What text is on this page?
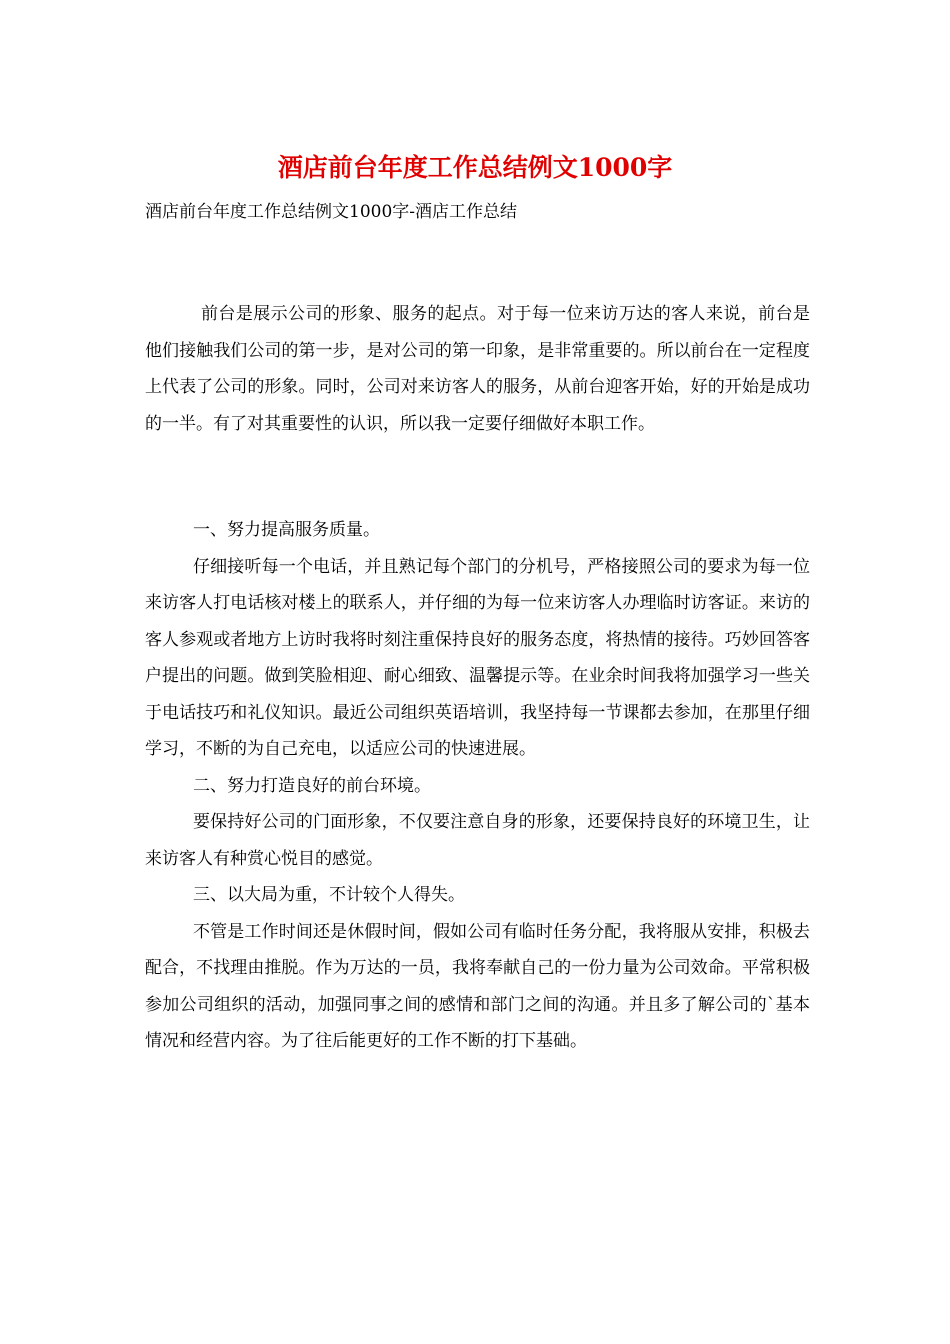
酒店前台年度工作总结例文1000字
酒店前台年度工作总结例文1000字-酒店工作总结

前台是展示公司的形象、服务的起点。对于每一位来访万达的客人来说，前台是他们接触我们公司的第一步，是对公司的第一印象，是非常重要的。所以前台在一定程度上代表了公司的形象。同时，公司对来访客人的服务，从前台迎客开始，好的开始是成功的一半。有了对其重要性的认识，所以我一定要仔细做好本职工作。

一、努力提高服务质量。

仔细接听每一个电话，并且熟记每个部门的分机号，严格接照公司的要求为每一位来访客人打电话核对楼上的联系人，并仔细的为每一位来访客人办理临时访客证。来访的客人参观或者地方上访时我将时刻注重保持良好的服务态度，将热情的接待。巧妙回答客户提出的问题。做到笑脸相迎、耐心细致、温馨提示等。在业余时间我将加强学习一些关于电话技巧和礼仪知识。最近公司组织英语培训，我坚持每一节课都去参加，在那里仔细学习，不断的为自己充电，以适应公司的快速进展。

二、努力打造良好的前台环境。

要保持好公司的门面形象，不仅要注意自身的形象，还要保持良好的环境卫生，让来访客人有种赏心悦目的感觉。

三、以大局为重，不计较个人得失。

不管是工作时间还是休假时间，假如公司有临时任务分配，我将服从安排，积极去配合，不找理由推脱。作为万达的一员，我将奉献自己的一份力量为公司效命。平常积极参加公司组织的活动，加强同事之间的感情和部门之间的沟通。并且多了解公司的`基本情况和经营内容。为了往后能更好的工作不断的打下基础。
